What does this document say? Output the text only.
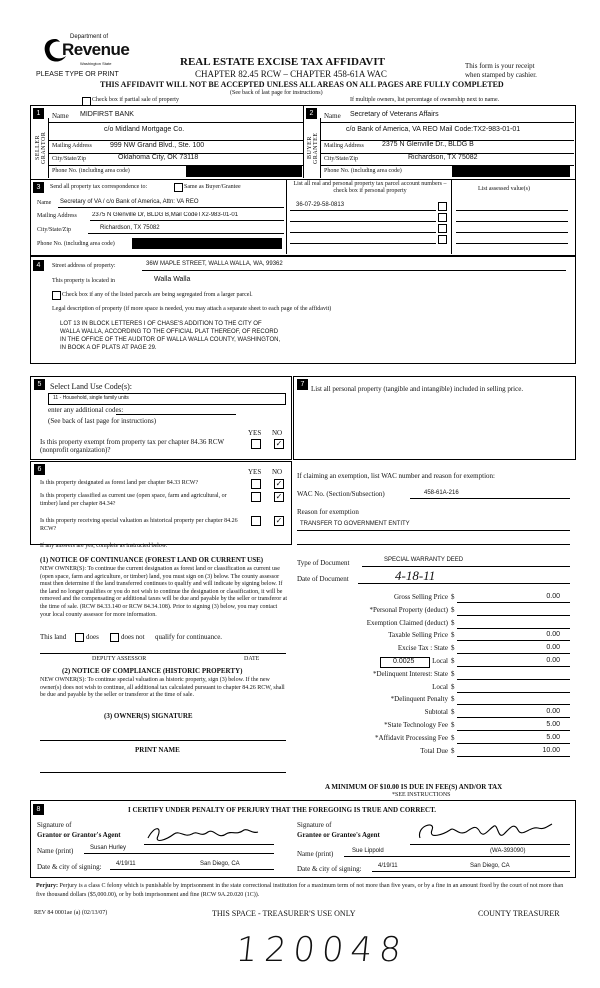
Department of
Revenue
Washington State
PLEASE TYPE OR PRINT
REAL ESTATE EXCISE TAX AFFIDAVIT
CHAPTER 82.45 RCW – CHAPTER 458-61A WAC
THIS AFFIDAVIT WILL NOT BE ACCEPTED UNLESS ALL AREAS ON ALL PAGES ARE FULLY COMPLETED
(See back of last page for instructions)
This form is your receipt
when stamped by cashier.
Check box if partial sale of property	If multiple owners, list percentage of ownership next to name.
1	2
SELLER GRANTOR	BUYER GRANTEE
Name MIDFIRST BANK
c/o Midland Mortgage Co.
Mailing Address	999 NW Grand Blvd., Ste. 100
City/State/Zip	Oklahoma City, OK 73118
Phone No. (including area code)
Name Secretary of Veterans Affairs
c/o Bank of America, VA REO Mail Code:TX2-983-01-01
Mailing Address	2375 N Glenville Dr., BLDG B
City/State/Zip	Richardson, TX 75082
Phone No. (including area code)
3	Send all property tax correspondence to:	Same as Buyer/Grantee
Name Secretary of VA / c/o Bank of America, Attn: VA REO
Mailing Address	2375 N Glenville Dr, BLDG B,Mail CodeTX2-983-01-01
City/State/Zip	Richardson, TX 75082
Phone No. (including area code)
List all real and personal property tax parcel account numbers – check box if personal property	List assessed value(s)
36-07-29-58-0813
4	Street address of property:	36W MAPLE STREET, WALLA WALLA, WA, 99362
This property is located in	Walla Walla
Check box if any of the listed parcels are being segregated from a larger parcel.
Legal description of property (if more space is needed, you may attach a separate sheet to each page of the affidavit)
LOT 13 IN BLOCK LETTERES I OF CHASE'S ADDITION TO THE CITY OF
WALLA WALLA, ACCORDING TO THE OFFICIAL PLAT THEREOF, OF RECORD
IN THE OFFICE OF THE AUDITOR OF WALLA WALLA COUNTY, WASHINGTON,
IN BOOK A OF PLATS AT PAGE 29.
5	Select Land Use Code(s):
11 - Household, single family units
enter any additional codes:
(See back of last page for instructions)
YES NO
Is this property exempt from property tax per chapter 84.36 RCW (nonprofit organization)?
✓
6	YES NO
Is this property designated as forest land per chapter 84.33 RCW?	✓
Is this property classified as current use (open space, farm and agricultural, or timber) land per chapter 84.34?
✓
Is this property receiving special valuation as historical property per chapter 84.26 RCW?
✓
If any answers are yes, complete as instructed below.
(1) NOTICE OF CONTINUANCE (FOREST LAND OR CURRENT USE)
NEW OWNER(S): To continue the current designation as forest land or classification as current use (open space, farm and agriculture, or timber) land, you must sign on (3) below. The county assessor must then determine if the land transferred continues to qualify and will indicate by signing below. If the land no longer qualifies or you do not wish to continue the designation or classification, it will be removed and the compensating or additional taxes will be due and payable by the seller or transferor at the time of sale. (RCW 84.33.140 or RCW 84.34.108). Prior to signing (3) below, you may contact your local county assessor for more information.
This land	does	does not qualify for continuance.
DEPUTY ASSESSOR	DATE
(2) NOTICE OF COMPLIANCE (HISTORIC PROPERTY)
NEW OWNER(S): To continue special valuation as historic property, sign (3) below. If the new owner(s) does not wish to continue, all additional tax calculated pursuant to chapter 84.26 RCW, shall be due and payable by the seller or transferor at the time of sale.
(3) OWNER(S) SIGNATURE
PRINT NAME
7
List all personal property (tangible and intangible) included in selling price.
If claiming an exemption, list WAC number and reason for exemption:
WAC No. (Section/Subsection)	458-61A-216
Reason for exemption
TRANSFER TO GOVERNMENT ENTITY
Type of Document	SPECIAL WARRANTY DEED
Date of Document	4-18-11
Gross Selling Price $	0.00
*Personal Property (deduct) $
Exemption Claimed (deduct) $
Taxable Selling Price $	0.00
Excise Tax : State $	0.00
Local $	0.00
*Delinquent Interest: State $
Local $
*Delinquent Penalty $
Subtotal $	0.00
*State Technology Fee $	5.00
*Affidavit Processing Fee $	5.00
Total Due $	10.00
0.0025
A MINIMUM OF $10.00 IS DUE IN FEE(S) AND/OR TAX
*SEE INSTRUCTIONS
8	I CERTIFY UNDER PENALTY OF PERJURY THAT THE FOREGOING IS TRUE AND CORRECT.
Signature of
Grantor or Grantor's Agent
Name (print)	Susan Hurley
Date & city of signing: 4/19/11	San Diego, CA
Signature of
Grantee or Grantee's Agent
Name (print)	Sue Lippold	(WA-393090)
Date & city of signing:	4/19/11	San Diego, CA
Perjury: Perjury is a class C felony which is punishable by imprisonment in the state correctional institution for a maximum term of not more than five years, or by a fine in an amount fixed by the court of not more than five thousand dollars ($5,000.00), or by both imprisonment and fine (RCW 9A.20.020 (1C)).
REV 84 0001ae (a) (02/13/07)	THIS SPACE - TREASURER'S USE ONLY	COUNTY TREASURER
120048
